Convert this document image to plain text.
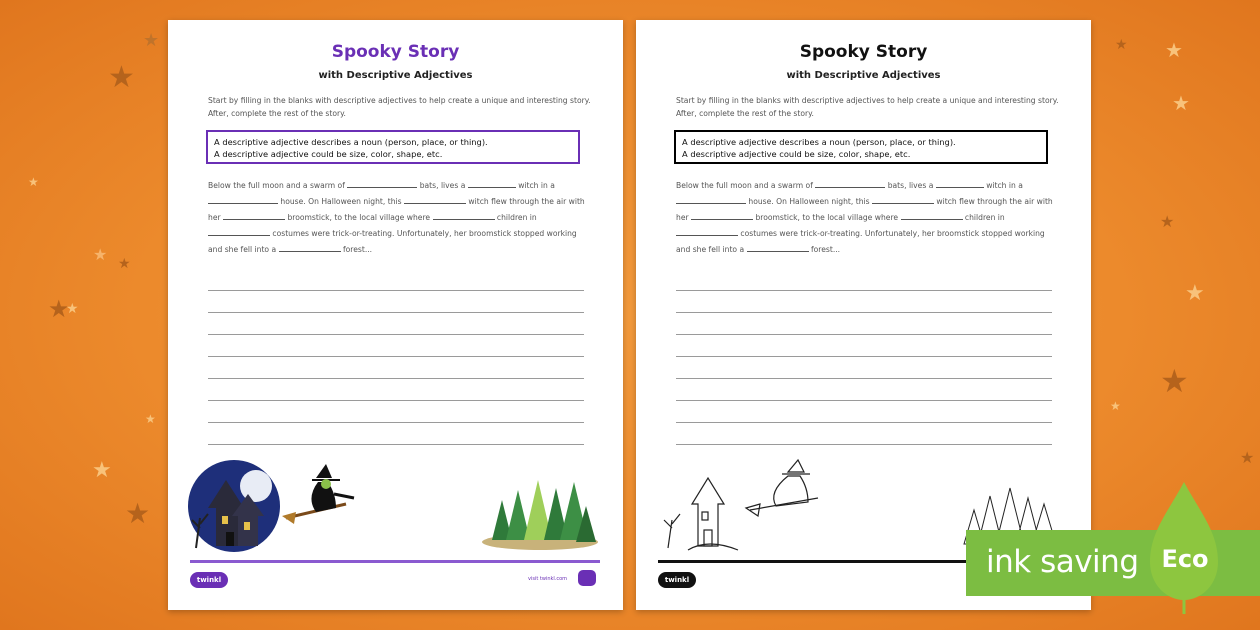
★
★
★
★ ★
★
★
★
★
★
★ ★
★
★
★
★
★
★
Spooky Story
with Descriptive Adjectives
Start by filling in the blanks with descriptive adjectives to help create a unique and interesting story. After, complete the rest of the story.
A descriptive adjective describes a noun (person, place, or thing).
A descriptive adjective could be size, color, shape, etc.
Below the full moon and a swarm of	bats, lives a	witch in a  house. On Halloween night, this	witch flew through the air with her	broomstick, to the local village where	children in  costumes were trick-or-treating. Unfortunately, her broomstick stopped working and she fell into a	forest...
twinkl	visit twinkl.com
Spooky Story
with Descriptive Adjectives
Start by filling in the blanks with descriptive adjectives to help create a unique and interesting story. After, complete the rest of the story.
A descriptive adjective describes a noun (person, place, or thing).
A descriptive adjective could be size, color, shape, etc.
Below the full moon and a swarm of	bats, lives a	witch in a  house. On Halloween night, this	witch flew through the air with her	broomstick, to the local village where	children in  costumes were trick-or-treating. Unfortunately, her broomstick stopped working and she fell into a	forest...
twinkl	ink saving Eco
